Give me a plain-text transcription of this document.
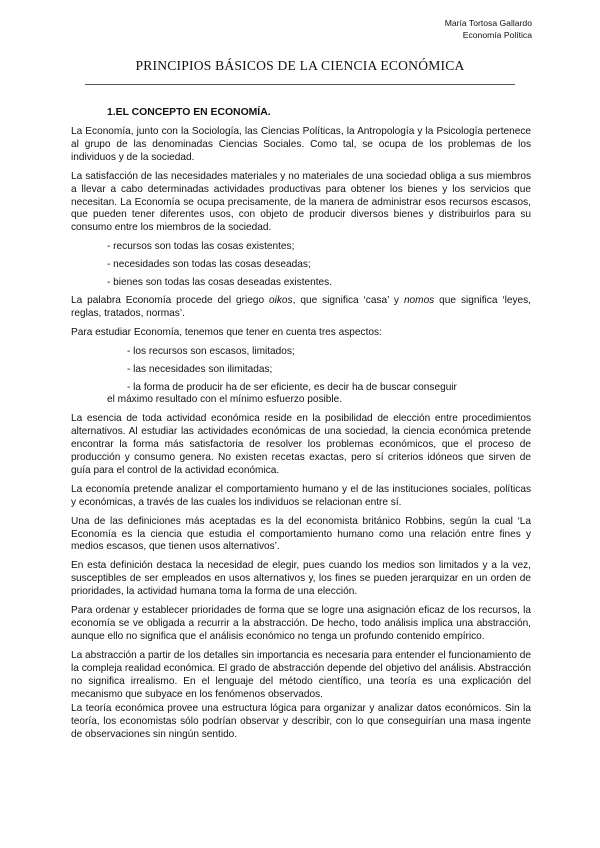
María Tortosa Gallardo
Economía Política
PRINCIPIOS BÁSICOS DE LA CIENCIA ECONÓMICA
1.EL CONCEPTO EN ECONOMÍA.

La Economía, junto con la Sociología, las Ciencias Políticas, la Antropología y la Psicología pertenece al grupo de las denominadas Ciencias Sociales. Como tal, se ocupa de los problemas de los individuos y de la sociedad.

La satisfacción de las necesidades materiales y no materiales de una sociedad obliga a sus miembros a llevar a cabo determinadas actividades productivas para obtener los bienes y los servicios que necesitan. La Economía se ocupa precisamente, de la manera de administrar esos recursos escasos, que pueden tener diferentes usos, con objeto de producir diversos bienes y distribuirlos para su consumo entre los miembros de la sociedad.

- recursos son todas las cosas existentes;
- necesidades son todas las cosas deseadas;
- bienes son todas las cosas deseadas existentes.

La palabra Economía procede del griego oikos, que significa ‘casa’ y nomos que significa ‘leyes, reglas, tratados, normas’.

Para estudiar Economía, tenemos que tener en cuenta tres aspectos:

- los recursos son escasos, limitados;
- las necesidades son ilimitadas;
- la forma de producir ha de ser eficiente, es decir ha de buscar conseguir
el máximo resultado con el mínimo esfuerzo posible.

La esencia de toda actividad económica reside en la posibilidad de elección entre procedimientos alternativos. Al estudiar las actividades económicas de una sociedad, la ciencia económica pretende encontrar la forma más satisfactoria de resolver los problemas económicos, que el proceso de producción y consumo genera. No existen recetas exactas, pero sí criterios idóneos que sirven de guía para el control de la actividad económica.

La economía pretende analizar el comportamiento humano y el de las instituciones sociales, políticas y económicas, a través de las cuales los individuos se relacionan entre sí.

Una de las definiciones más aceptadas es la del economista británico Robbins, según la cual ‘La Economía es la ciencia que estudia el comportamiento humano como una relación entre fines y medios escasos, que tienen usos alternativos’.

En esta definición destaca la necesidad de elegir, pues cuando los medios son limitados y a la vez, susceptibles de ser empleados en usos alternativos y, los fines se pueden jerarquizar en un orden de prioridades, la actividad humana toma la forma de una elección.

Para ordenar y establecer prioridades de forma que se logre una asignación eficaz de los recursos, la economía se ve obligada a recurrir a la abstracción. De hecho, todo análisis implica una abstracción, aunque ello no significa que el análisis económico no tenga un profundo contenido empírico.

La abstracción a partir de los detalles sin importancia es necesaria para entender el funcionamiento de la compleja realidad económica. El grado de abstracción depende del objetivo del análisis. Abstracción no significa irrealismo. En el lenguaje del método científico, una teoría es una explicación del mecanismo que subyace en los fenómenos observados.

La teoría económica provee una estructura lógica para organizar y analizar datos económicos. Sin la teoría, los economistas sólo podrían observar y describir, con lo que conseguirían una masa ingente de observaciones sin ningún sentido.
